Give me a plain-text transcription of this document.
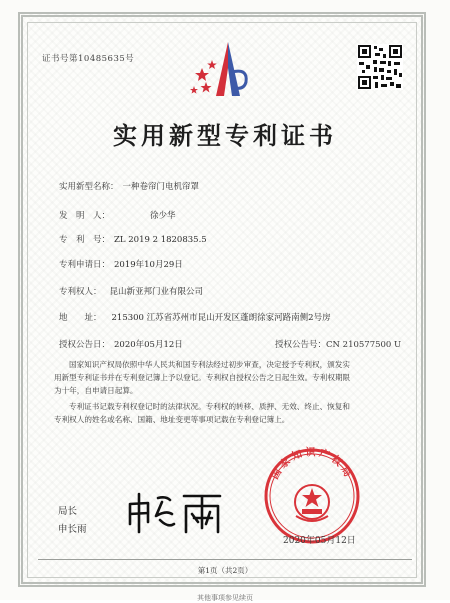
证书号第10485635号
实用新型专利证书
实用新型名称： 一种卷帘门电机帘罩
发　明　人：	徐少华
专　利　号： ZL 2019 2 1820835.5
专利申请日： 2019年10月29日
专利权人： 昆山新亚邦门业有限公司
地　　址： 215300 江苏省苏州市昆山开发区蓬朗徐家河路南侧2号房
授权公告日： 2020年05月12日	授权公告号：CN 210577500 U

国家知识产权局依照中华人民共和国专利法经过初步审查，决定授予专利权，颁发实用新型专利证书并在专利登记簿上予以登记。专利权自授权公告之日起生效。专利权期限为十年，自申请日起算。

专利证书记载专利权登记时的法律状况。专利权的转移、质押、无效、终止、恢复和专利权人的姓名或名称、国籍、地址变更等事项记载在专利登记簿上。

局长
申长雨
国家知识产权局
2020年05月12日
第1页（共2页）
其他事项参见续页
